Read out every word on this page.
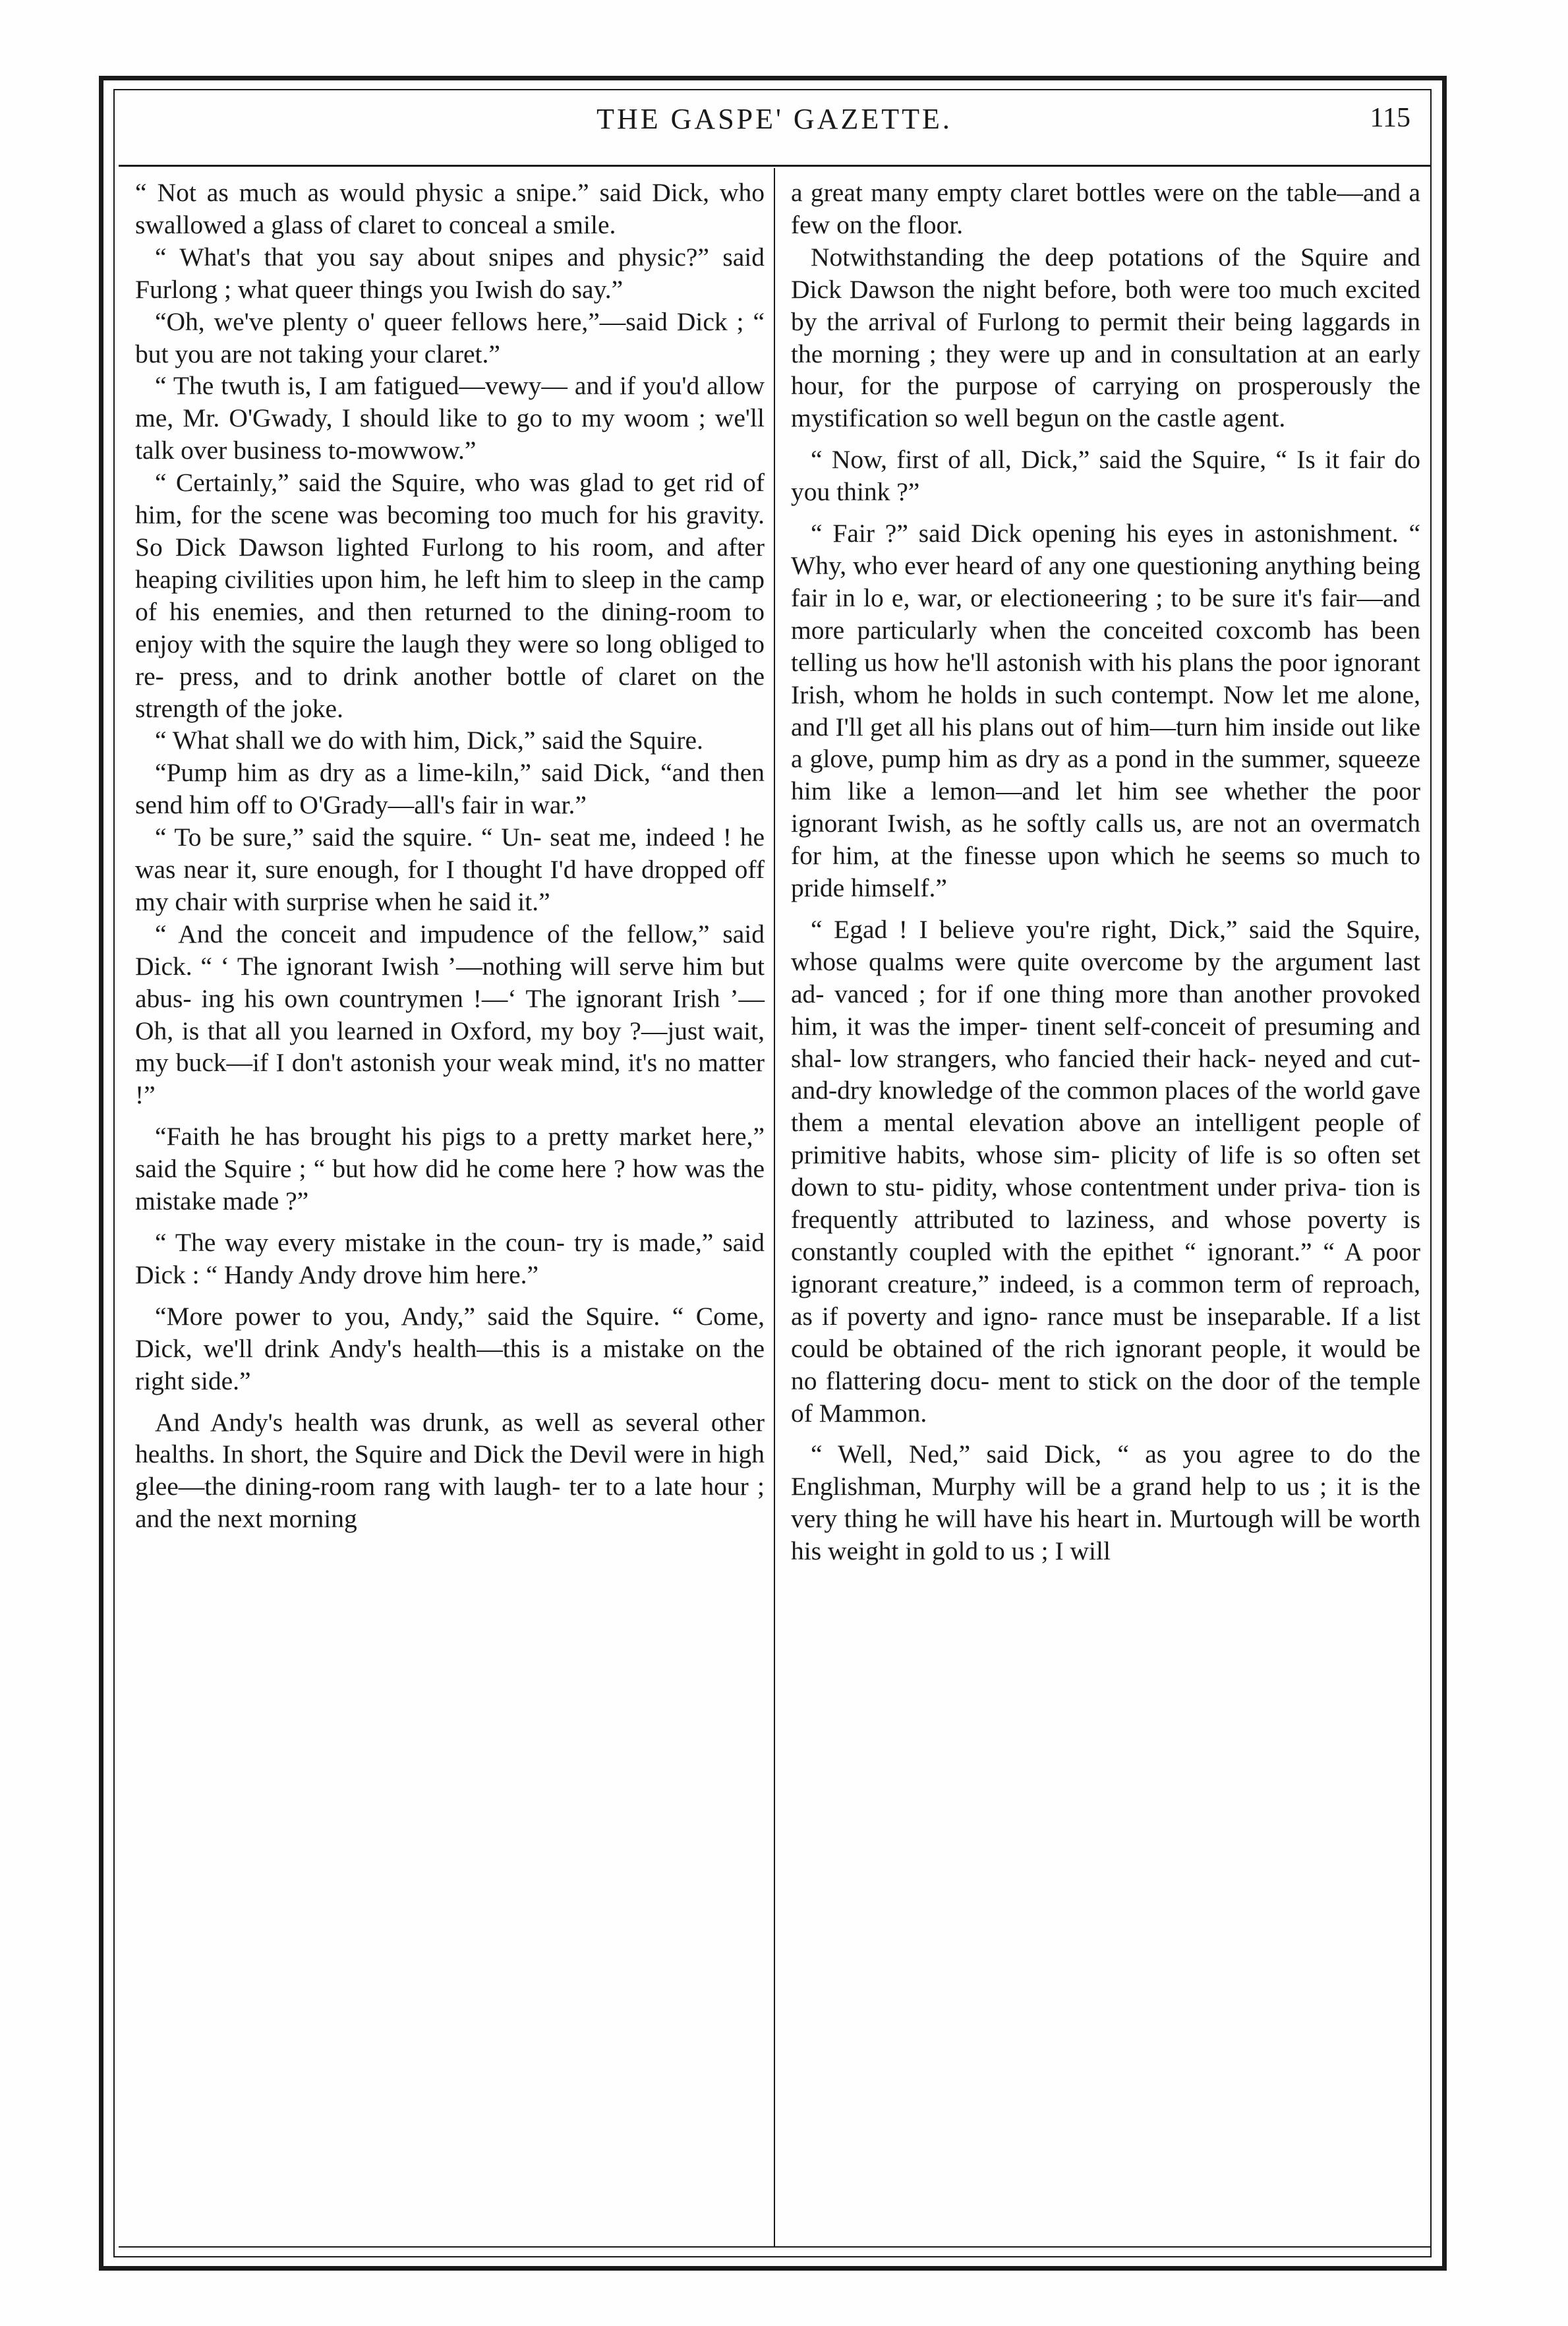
THE GASPE' GAZETTE.	115

“ Not as much as would physic a snipe.” said Dick, who swallowed a glass of claret to conceal a smile.

“ What's that you say about snipes and physic?” said Furlong ; what queer things you Iwish do say.”

“Oh, we've plenty o' queer fellows here,”—said Dick ; “ but you are not taking your claret.”

“ The twuth is, I am fatigued—vewy— and if you'd allow me, Mr. O'Gwady, I should like to go to my woom ; we'll talk over business to-mowwow.”

“ Certainly,” said the Squire, who was glad to get rid of him, for the scene was becoming too much for his gravity. So Dick Dawson lighted Furlong to his room, and after heaping civilities upon him, he left him to sleep in the camp of his enemies, and then returned to the dining-room to enjoy with the squire the laugh they were so long obliged to re- press, and to drink another bottle of claret on the strength of the joke.

“ What shall we do with him, Dick,” said the Squire.

“Pump him as dry as a lime-kiln,” said Dick, “and then send him off to O'Grady—all's fair in war.”

“ To be sure,” said the squire. “ Un- seat me, indeed ! he was near it, sure enough, for I thought I'd have dropped off my chair with surprise when he said it.”

“ And the conceit and impudence of the fellow,” said Dick. “ ‘ The ignorant Iwish ’—nothing will serve him but abus- ing his own countrymen !—‘ The ignorant Irish ’—Oh, is that all you learned in Oxford, my boy ?—just wait, my buck—if I don't astonish your weak mind, it's no matter !”

“Faith he has brought his pigs to a pretty market here,” said the Squire ; “ but how did he come here ? how was the mistake made ?”

“ The way every mistake in the coun- try is made,” said Dick : “ Handy Andy drove him here.”

“More power to you, Andy,” said the Squire. “ Come, Dick, we'll drink Andy's health—this is a mistake on the right side.”

And Andy's health was drunk, as well as several other healths. In short, the Squire and Dick the Devil were in high glee—the dining-room rang with laugh- ter to a late hour ; and the next morning

a great many empty claret bottles were on the table—and a few on the floor.

Notwithstanding the deep potations of the Squire and Dick Dawson the night before, both were too much excited by the arrival of Furlong to permit their being laggards in the morning ; they were up and in consultation at an early hour, for the purpose of carrying on prosperously the mystification so well begun on the castle agent.

“ Now, first of all, Dick,” said the Squire, “ Is it fair do you think ?”

“ Fair ?” said Dick opening his eyes in astonishment. “ Why, who ever heard of any one questioning anything being fair in lo e, war, or electioneering ; to be sure it's fair—and more particularly when the conceited coxcomb has been telling us how he'll astonish with his plans the poor ignorant Irish, whom he holds in such contempt. Now let me alone, and I'll get all his plans out of him—turn him inside out like a glove, pump him as dry as a pond in the summer, squeeze him like a lemon—and let him see whether the poor ignorant Iwish, as he softly calls us, are not an overmatch for him, at the finesse upon which he seems so much to pride himself.”

“ Egad ! I believe you're right, Dick,” said the Squire, whose qualms were quite overcome by the argument last ad- vanced ; for if one thing more than another provoked him, it was the imper- tinent self-conceit of presuming and shal- low strangers, who fancied their hack- neyed and cut-and-dry knowledge of the common places of the world gave them a mental elevation above an intelligent people of primitive habits, whose sim- plicity of life is so often set down to stu- pidity, whose contentment under priva- tion is frequently attributed to laziness, and whose poverty is constantly coupled with the epithet “ ignorant.” “ A poor ignorant creature,” indeed, is a common term of reproach, as if poverty and igno- rance must be inseparable. If a list could be obtained of the rich ignorant people, it would be no flattering docu- ment to stick on the door of the temple of Mammon.

“ Well, Ned,” said Dick, “ as you agree to do the Englishman, Murphy will be a grand help to us ; it is the very thing he will have his heart in. Murtough will be worth his weight in gold to us ; I will
